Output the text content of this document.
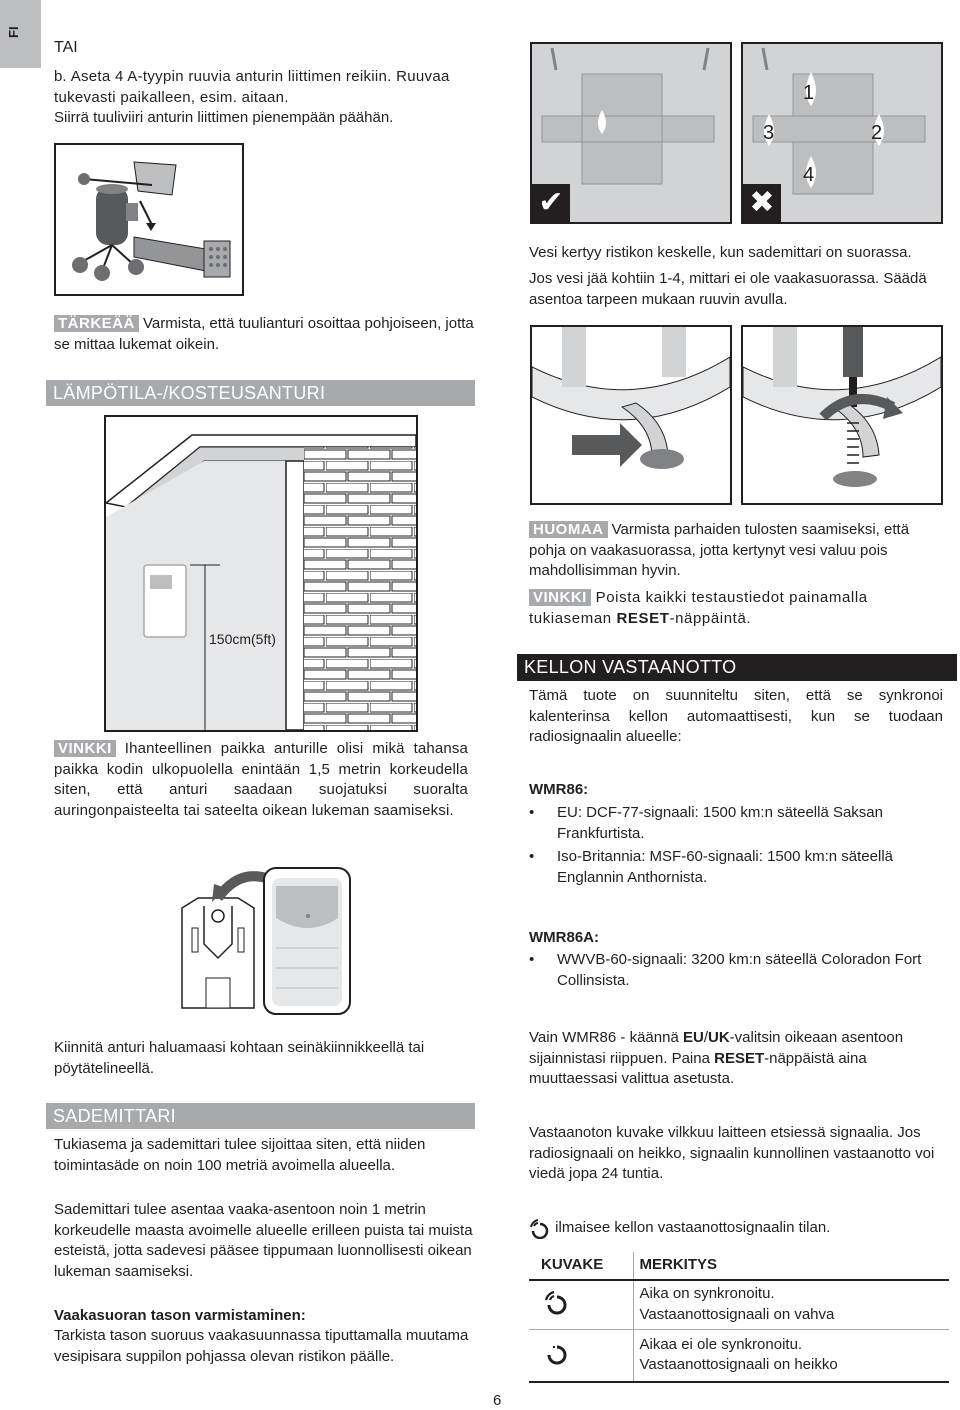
FI
TAI
b. Aseta 4 A-tyypin ruuvia anturin liittimen reikiin. Ruuvaa tukevasti paikalleen, esim. aitaan.
Siirrä tuuliviiri anturin liittimen pienempään päähän.
TÄRKEÄÄ Varmista, että tuulianturi osoittaa pohjoiseen, jotta se mittaa lukemat oikein.
LÄMPÖTILA-/KOSTEUSANTURI
150cm(5ft)
VINKKI Ihanteellinen paikka anturille olisi mikä tahansa paikka kodin ulkopuolella enintään 1,5 metrin korkeudella siten, että anturi saadaan suojatuksi suoralta auringonpaisteelta tai sateelta oikean lukeman saamiseksi.
Kiinnitä anturi haluamaasi kohtaan seinäkiinnikkeellä tai pöytätelineellä.
SADEMITTARI
Tukiasema ja sademittari tulee sijoittaa siten, että niiden toimintasäde on noin 100 metriä avoimella alueella.
Sademittari tulee asentaa vaaka-asentoon noin 1 metrin korkeudelle maasta avoimelle alueelle erilleen puista tai muista esteistä, jotta sadevesi pääsee tippumaan luonnollisesti oikean lukeman saamiseksi.
Vaakasuoran tason varmistaminen:
Tarkista tason suoruus vaakasuunnassa tiputtamalla muutama vesipisara suppilon pohjassa olevan ristikon päälle.
6
✔
1
2
3
4
✖
Vesi kertyy ristikon keskelle, kun sademittari on suorassa.
Jos vesi jää kohtiin 1-4, mittari ei ole vaakasuorassa. Säädä asentoa tarpeen mukaan ruuvin avulla.
HUOMAA Varmista parhaiden tulosten saamiseksi, että pohja on vaakasuorassa, jotta kertynyt vesi valuu pois mahdollisimman hyvin.
VINKKI Poista kaikki testaustiedot painamalla tukiaseman RESET-näppäintä.
KELLON VASTAANOTTO
Tämä tuote on suunniteltu siten, että se synkronoi kalenterinsa kellon automaattisesti, kun se tuodaan radiosignaalin alueelle:
WMR86:
• EU: DCF-77-signaali: 1500 km:n säteellä Saksan Frankfurtista.
• Iso-Britannia: MSF-60-signaali: 1500 km:n säteellä Englannin Anthornista.
WMR86A:
• WWVB-60-signaali: 3200 km:n säteellä Coloradon Fort Collinsista.
Vain WMR86 - käännä EU/UK-valitsin oikeaan asentoon sijainnistasi riippuen. Paina RESET-näppäistä aina muuttaessasi valittua asetusta.
Vastaanoton kuvake vilkkuu laitteen etsiessä signaalia. Jos radiosignaali on heikko, signaalin kunnollinen vastaanotto voi viedä jopa 24 tuntia.
ilmaisee kellon vastaanottosignaalin tilan.
KUVAKE	MERKITYS

Aika on synkronoitu.
Vastaanottosignaali on vahva

Aikaa ei ole synkronoitu.
Vastaanottosignaali on heikko
